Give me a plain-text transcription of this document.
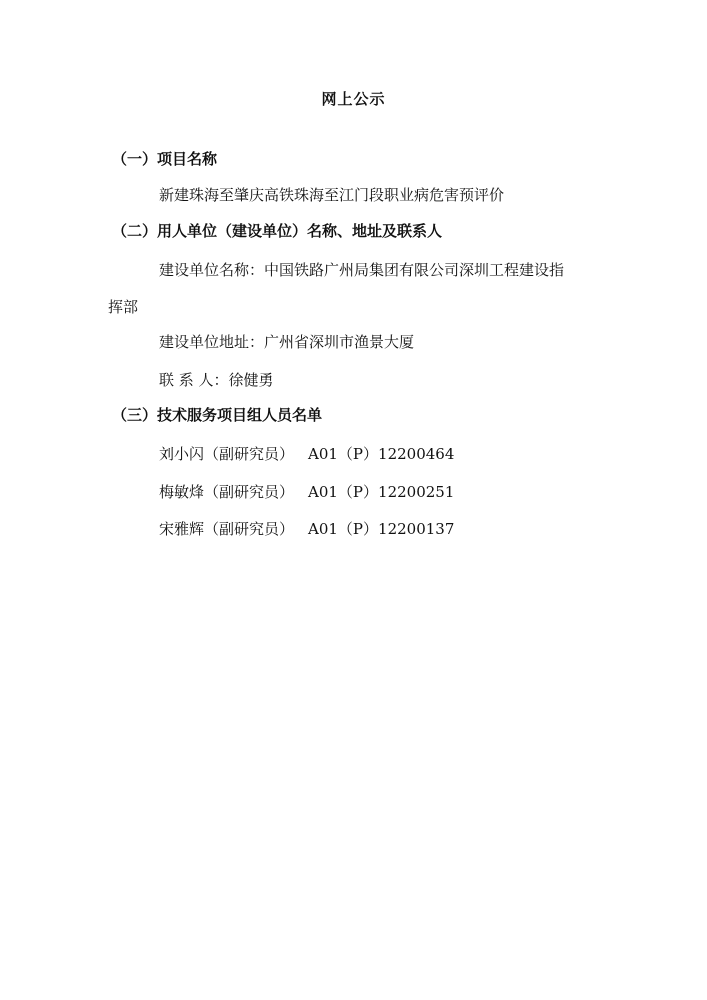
网上公示
（一）项目名称
新建珠海至肇庆高铁珠海至江门段职业病危害预评价
（二）用人单位（建设单位）名称、地址及联系人
建设单位名称：中国铁路广州局集团有限公司深圳工程建设指
挥部
建设单位地址：广州省深圳市渔景大厦
联 系 人：徐健勇
（三）技术服务项目组人员名单
刘小闪（副研究员） A01（P）12200464
梅敏烽（副研究员） A01（P）12200251
宋雅辉（副研究员） A01（P）12200137
